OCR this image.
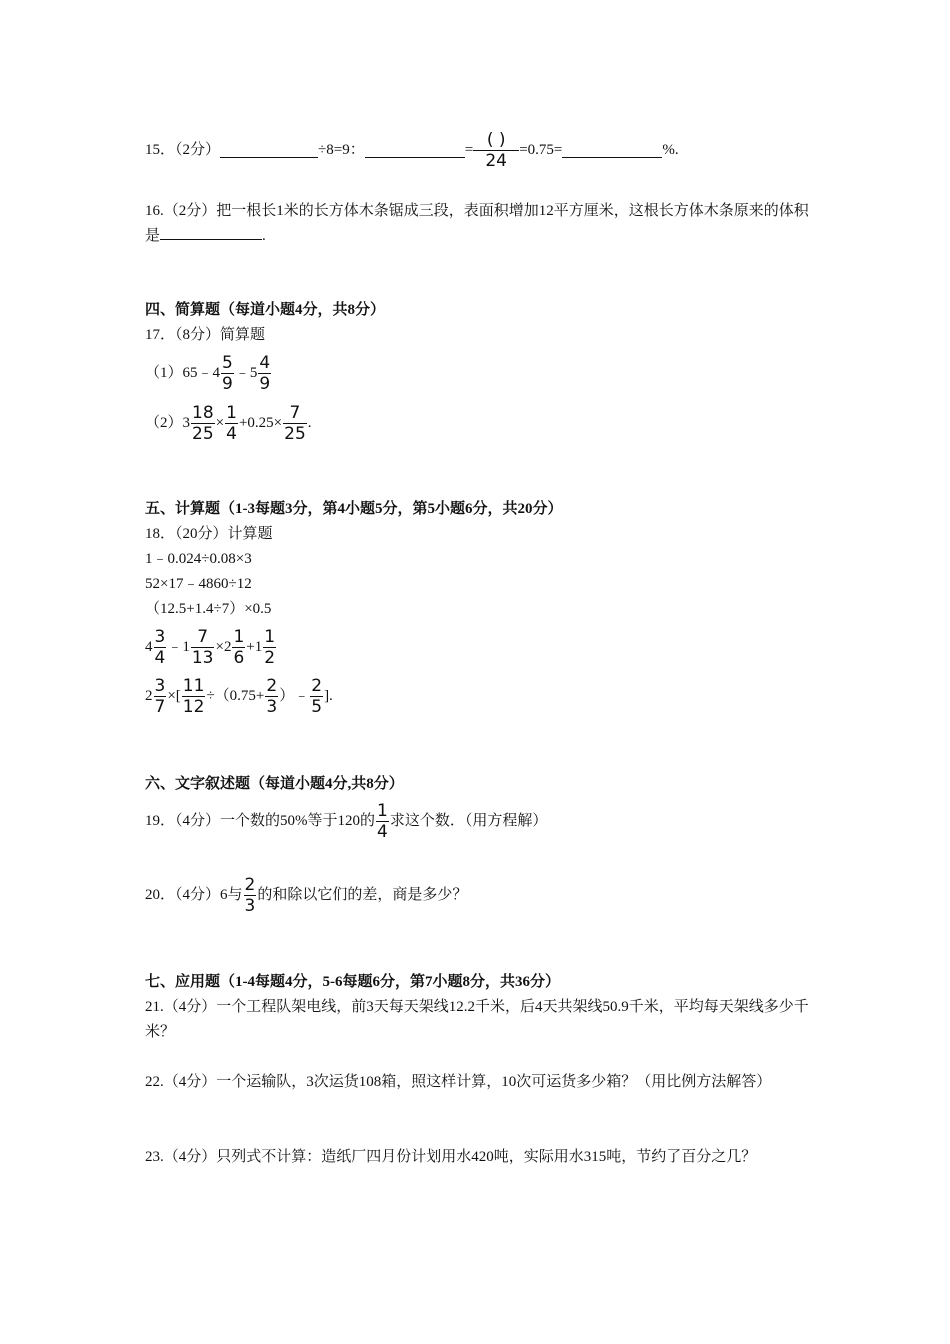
15．（2分）	÷8=9：	= $\frac{( )}{24} =0.75=$	%.
16.（2分）把一根长1米的长方体木条锯成三段，表面积增加12平方厘米，这根长方体木条原来的体积是	.
四、简算题（每道小题4分，共8分）
17．（8分）简算题
（1）65﹣4 $\frac{5}{9}$ ﹣5 $\frac{4}{9}$
$(2)3 \frac{18}{25} \times \frac{1}{4} +0.25\times \frac{7}{25}$ .
五、计算题（1-3每题3分，第4小题5分，第5小题6分，共20分）
18．（20分）计算题
1﹣0.024÷0.08×3
52×17﹣4860÷12
（12.5+1.4÷7）×0.5
$4 \frac{3}{4}$ ﹣1 $\frac{7}{13} \times 2 \frac{1}{6} +1 \frac{1}{2}$
$2 \frac{3}{7}$ ×[ $\frac{11}{12} \div(0.75+ \frac{2}{3}$ ）﹣ $\frac{2}{5}$ ].
六、文字叙述题（每道小题4分,共8分）
19．（4分）一个数的50%等于120的 $\frac{1}{4}$ 求这个数．（用方程解）
20．（4分）6与 $\frac{2}{3}$ 的和除以它们的差，商是多少？
七、应用题（1-4每题4分，5-6每题6分，第7小题8分，共36分）
21.（4分）一个工程队架电线，前3天每天架线12.2千米，后4天共架线50.9千米，平均每天架线多少千米？
22.（4分）一个运输队，3次运货108箱，照这样计算，10次可运货多少箱？（用比例方法解答）
23.（4分）只列式不计算：造纸厂四月份计划用水420吨，实际用水315吨，节约了百分之几？
